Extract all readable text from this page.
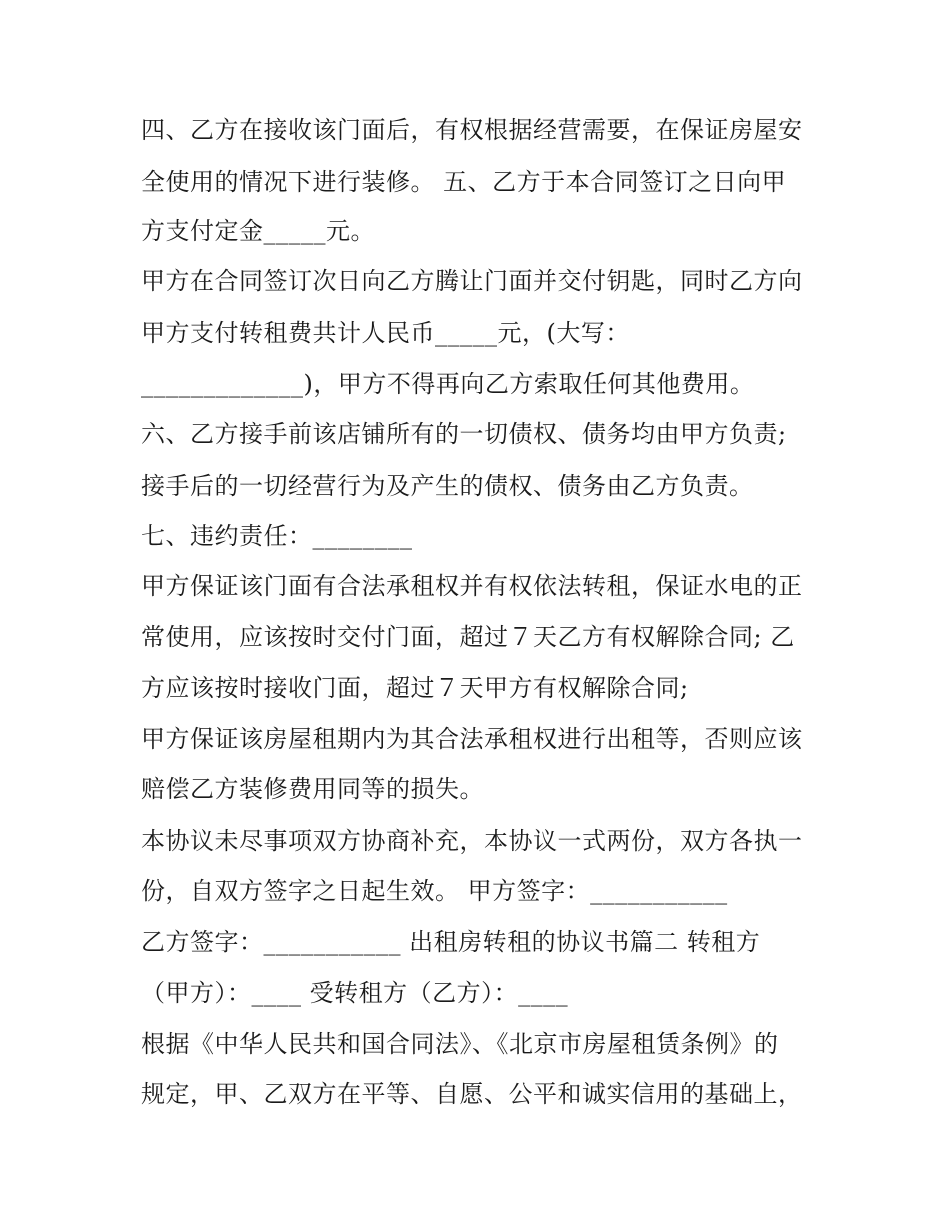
四、乙方在接收该门面后，有权根据经营需要，在保证房屋安
全使用的情况下进行装修。 五、乙方于本合同签订之日向甲
方支付定金_____元。
甲方在合同签订次日向乙方腾让门面并交付钥匙，同时乙方向
甲方支付转租费共计人民币_____元，(大写：
_____________)，甲方不得再向乙方索取任何其他费用。
六、乙方接手前该店铺所有的一切债权、债务均由甲方负责;
接手后的一切经营行为及产生的债权、债务由乙方负责。
七、违约责任：________
甲方保证该门面有合法承租权并有权依法转租，保证水电的正
常使用，应该按时交付门面，超过７天乙方有权解除合同; 乙
方应该按时接收门面，超过７天甲方有权解除合同;
甲方保证该房屋租期内为其合法承租权进行出租等，否则应该
赔偿乙方装修费用同等的损失。
本协议未尽事项双方协商补充，本协议一式两份，双方各执一
份，自双方签字之日起生效。 甲方签字：___________
乙方签字：___________ 出租房转租的协议书篇二 转租方
（甲方）：____ 受转租方（乙方）：____
根据《中华人民共和国合同法》、《北京市房屋租赁条例》的
规定，甲、乙双方在平等、自愿、公平和诚实信用的基础上，
